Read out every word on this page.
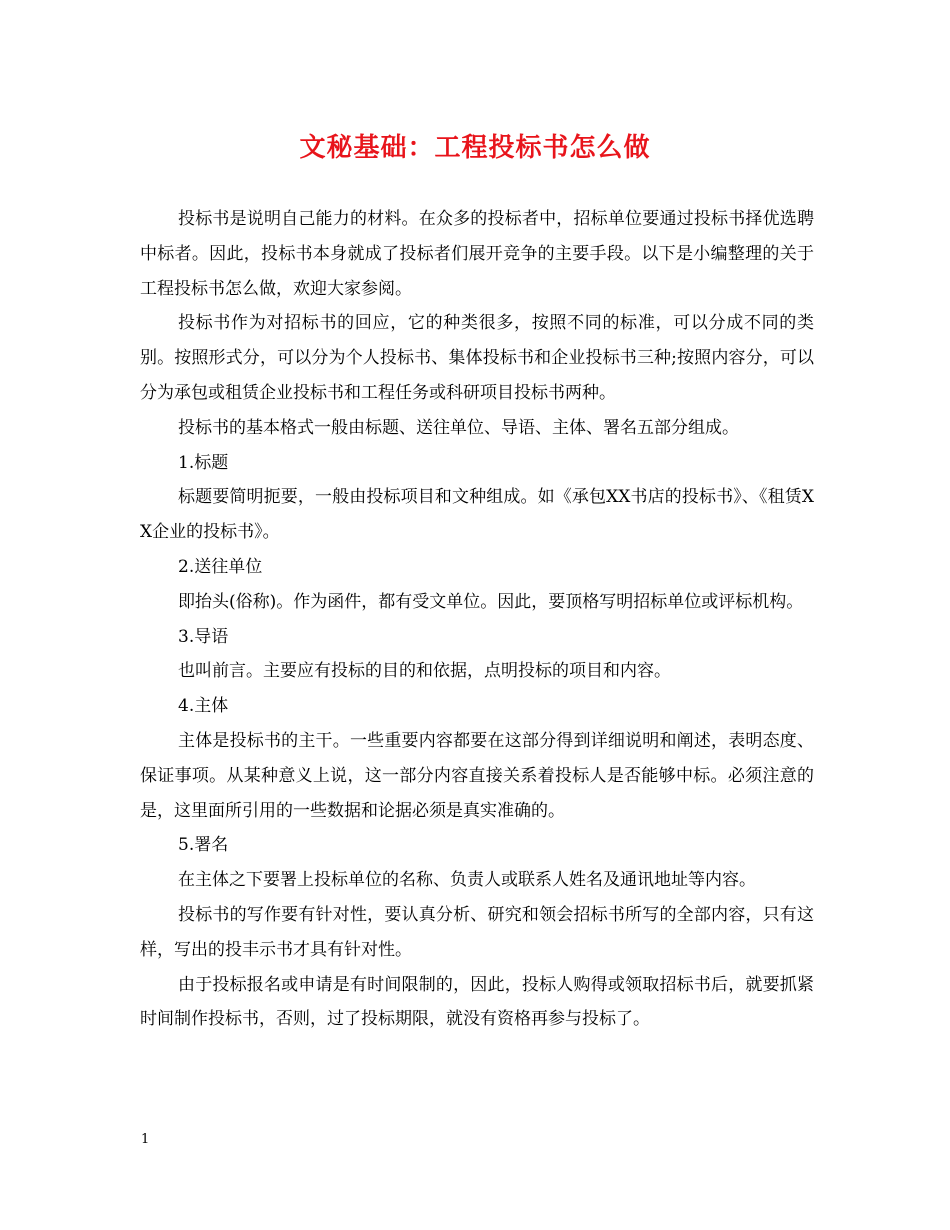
文秘基础：工程投标书怎么做

投标书是说明自己能力的材料。在众多的投标者中，招标单位要通过投标书择优选聘中标者。因此，投标书本身就成了投标者们展开竞争的主要手段。以下是小编整理的关于工程投标书怎么做，欢迎大家参阅。

投标书作为对招标书的回应，它的种类很多，按照不同的标准，可以分成不同的类别。按照形式分，可以分为个人投标书、集体投标书和企业投标书三种;按照内容分，可以分为承包或租赁企业投标书和工程任务或科研项目投标书两种。

投标书的基本格式一般由标题、送往单位、导语、主体、署名五部分组成。

1.标题

标题要简明扼要，一般由投标项目和文种组成。如《承包XX书店的投标书》、《租赁X X企业的投标书》。

2.送往单位

即抬头(俗称)。作为函件，都有受文单位。因此，要顶格写明招标单位或评标机构。

3.导语

也叫前言。主要应有投标的目的和依据，点明投标的项目和内容。

4.主体

主体是投标书的主干。一些重要内容都要在这部分得到详细说明和阐述，表明态度、保证事项。从某种意义上说，这一部分内容直接关系着投标人是否能够中标。必须注意的是，这里面所引用的一些数据和论据必须是真实准确的。

5.署名

在主体之下要署上投标单位的名称、负责人或联系人姓名及通讯地址等内容。

投标书的写作要有针对性，要认真分析、研究和领会招标书所写的全部内容，只有这样，写出的投丰示书才具有针对性。

由于投标报名或申请是有时间限制的，因此，投标人购得或领取招标书后，就要抓紧时间制作投标书，否则，过了投标期限，就没有资格再参与投标了。

1
